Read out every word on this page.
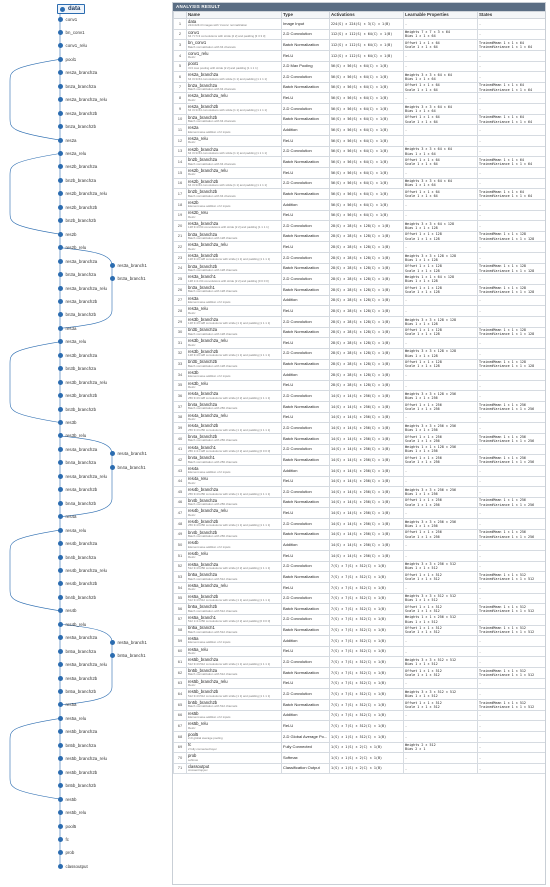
data
conv1
bn_conv1
conv1_relu
pool1
res2a_branch2a
bn2a_branch2a
res2a_branch2a_relu
res2a_branch2b
bn2a_branch2b
res2a
res2a_relu
res2b_branch2a
bn2b_branch2a
res2b_branch2a_relu
res2b_branch2b
bn2b_branch2b
res2b
res2b_relu
res3a_branch2a
bn3a_branch2a
res3a_branch2a_relu
res3a_branch2b
bn3a_branch2b
res3a
res3a_relu
res3b_branch2a
bn3b_branch2a
res3b_branch2a_relu
res3b_branch2b
bn3b_branch2b
res3b
res3b_relu
res4a_branch2a
bn4a_branch2a
res4a_branch2a_relu
res4a_branch2b
bn4a_branch2b
res4a
res4a_relu
res4b_branch2a
bn4b_branch2a
res4b_branch2a_relu
res4b_branch2b
bn4b_branch2b
res4b
res4b_relu
res5a_branch2a
bn5a_branch2a
res5a_branch2a_relu
res5a_branch2b
bn5a_branch2b
res5a
res5a_relu
res5b_branch2a
bn5b_branch2a
res5b_branch2a_relu
res5b_branch2b
bn5b_branch2b
res5b
res5b_relu
pool5
fc
prob
classoutput
res3a_branch1
bn3a_branch1
res4a_branch1
bn4a_branch1
res5a_branch1
bn5a_branch1
ANALYSIS RESULT
	Name	Type	Activations	Learnable Properties	States
1	data
224×224×3 images with 'zscore' normalization	Image Input	224(S) × 224(S) × 3(C) × 1(B)	-	-

2	conv1
64 7×7×3 convolutions with stride [2 2] and padding [3 3 3 3]	2-D Convolution	112(S) × 112(S) × 64(C) × 1(B)	Weights 7 × 7 × 3 × 64
Bias 1 × 1 × 64	-

3	bn_conv1
Batch normalization with 64 channels	Batch Normalization	112(S) × 112(S) × 64(C) × 1(B)	Offset 1 × 1 × 64
Scale 1 × 1 × 64	TrainedMean 1 × 1 × 64
TrainedVariance 1 × 1 × 64

4	conv1_relu
ReLU	ReLU	112(S) × 112(S) × 64(C) × 1(B)	-	-

5	pool1
3×3 max pooling with stride [2 2] and padding [1 1 1 1]	2-D Max Pooling	56(S) × 56(S) × 64(C) × 1(B)	-	-

6	res2a_branch2a
64 3×3×64 convolutions with stride [1 1] and padding [1 1 1 1]	2-D Convolution	56(S) × 56(S) × 64(C) × 1(B)	Weights 3 × 3 × 64 × 64
Bias 1 × 1 × 64	-

7	bn2a_branch2a
Batch normalization with 64 channels	Batch Normalization	56(S) × 56(S) × 64(C) × 1(B)	Offset 1 × 1 × 64
Scale 1 × 1 × 64	TrainedMean 1 × 1 × 64
TrainedVariance 1 × 1 × 64

8	res2a_branch2a_relu
ReLU	ReLU	56(S) × 56(S) × 64(C) × 1(B)	-	-

9	res2a_branch2b
64 3×3×64 convolutions with stride [1 1] and padding [1 1 1 1]	2-D Convolution	56(S) × 56(S) × 64(C) × 1(B)	Weights 3 × 3 × 64 × 64
Bias 1 × 1 × 64	-

10	bn2a_branch2b
Batch normalization with 64 channels	Batch Normalization	56(S) × 56(S) × 64(C) × 1(B)	Offset 1 × 1 × 64
Scale 1 × 1 × 64	TrainedMean 1 × 1 × 64
TrainedVariance 1 × 1 × 64

11	res2a
Element-wise addition of 2 inputs	Addition	56(S) × 56(S) × 64(C) × 1(B)	-	-

12	res2a_relu
ReLU	ReLU	56(S) × 56(S) × 64(C) × 1(B)	-	-

13	res2b_branch2a
64 3×3×64 convolutions with stride [1 1] and padding [1 1 1 1]	2-D Convolution	56(S) × 56(S) × 64(C) × 1(B)	Weights 3 × 3 × 64 × 64
Bias 1 × 1 × 64	-

14	bn2b_branch2a
Batch normalization with 64 channels	Batch Normalization	56(S) × 56(S) × 64(C) × 1(B)	Offset 1 × 1 × 64
Scale 1 × 1 × 64	TrainedMean 1 × 1 × 64
TrainedVariance 1 × 1 × 64

15	res2b_branch2a_relu
ReLU	ReLU	56(S) × 56(S) × 64(C) × 1(B)	-	-

16	res2b_branch2b
64 3×3×64 convolutions with stride [1 1] and padding [1 1 1 1]	2-D Convolution	56(S) × 56(S) × 64(C) × 1(B)	Weights 3 × 3 × 64 × 64
Bias 1 × 1 × 64	-

17	bn2b_branch2b
Batch normalization with 64 channels	Batch Normalization	56(S) × 56(S) × 64(C) × 1(B)	Offset 1 × 1 × 64
Scale 1 × 1 × 64	TrainedMean 1 × 1 × 64
TrainedVariance 1 × 1 × 64

18	res2b
Element-wise addition of 2 inputs	Addition	56(S) × 56(S) × 64(C) × 1(B)	-	-

19	res2b_relu
ReLU	ReLU	56(S) × 56(S) × 64(C) × 1(B)	-	-

20	res3a_branch2a
128 3×3×64 convolutions with stride [2 2] and padding [1 1 1 1]	2-D Convolution	28(S) × 28(S) × 128(C) × 1(B)	Weights 3 × 3 × 64 × 128
Bias 1 × 1 × 128	-

21	bn3a_branch2a
Batch normalization with 128 channels	Batch Normalization	28(S) × 28(S) × 128(C) × 1(B)	Offset 1 × 1 × 128
Scale 1 × 1 × 128	TrainedMean 1 × 1 × 128
TrainedVariance 1 × 1 × 128

22	res3a_branch2a_relu
ReLU	ReLU	28(S) × 28(S) × 128(C) × 1(B)	-	-

23	res3a_branch2b
128 3×3×128 convolutions with stride [1 1] and padding [1 1 1 1]	2-D Convolution	28(S) × 28(S) × 128(C) × 1(B)	Weights 3 × 3 × 128 × 128
Bias 1 × 1 × 128	-

24	bn3a_branch2b
Batch normalization with 128 channels	Batch Normalization	28(S) × 28(S) × 128(C) × 1(B)	Offset 1 × 1 × 128
Scale 1 × 1 × 128	TrainedMean 1 × 1 × 128
TrainedVariance 1 × 1 × 128

25	res3a_branch1
128 1×1×64 convolutions with stride [2 2] and padding [0 0 0 0]	2-D Convolution	28(S) × 28(S) × 128(C) × 1(B)	Weights 1 × 1 × 64 × 128
Bias 1 × 1 × 128	-

26	bn3a_branch1
Batch normalization with 128 channels	Batch Normalization	28(S) × 28(S) × 128(C) × 1(B)	Offset 1 × 1 × 128
Scale 1 × 1 × 128	TrainedMean 1 × 1 × 128
TrainedVariance 1 × 1 × 128

27	res3a
Element-wise addition of 2 inputs	Addition	28(S) × 28(S) × 128(C) × 1(B)	-	-

28	res3a_relu
ReLU	ReLU	28(S) × 28(S) × 128(C) × 1(B)	-	-

29	res3b_branch2a
128 3×3×128 convolutions with stride [1 1] and padding [1 1 1 1]	2-D Convolution	28(S) × 28(S) × 128(C) × 1(B)	Weights 3 × 3 × 128 × 128
Bias 1 × 1 × 128	-

30	bn3b_branch2a
Batch normalization with 128 channels	Batch Normalization	28(S) × 28(S) × 128(C) × 1(B)	Offset 1 × 1 × 128
Scale 1 × 1 × 128	TrainedMean 1 × 1 × 128
TrainedVariance 1 × 1 × 128

31	res3b_branch2a_relu
ReLU	ReLU	28(S) × 28(S) × 128(C) × 1(B)	-	-

32	res3b_branch2b
128 3×3×128 convolutions with stride [1 1] and padding [1 1 1 1]	2-D Convolution	28(S) × 28(S) × 128(C) × 1(B)	Weights 3 × 3 × 128 × 128
Bias 1 × 1 × 128	-

33	bn3b_branch2b
Batch normalization with 128 channels	Batch Normalization	28(S) × 28(S) × 128(C) × 1(B)	Offset 1 × 1 × 128
Scale 1 × 1 × 128	TrainedMean 1 × 1 × 128
TrainedVariance 1 × 1 × 128

34	res3b
Element-wise addition of 2 inputs	Addition	28(S) × 28(S) × 128(C) × 1(B)	-	-

35	res3b_relu
ReLU	ReLU	28(S) × 28(S) × 128(C) × 1(B)	-	-

36	res4a_branch2a
256 3×3×128 convolutions with stride [2 2] and padding [1 1 1 1]	2-D Convolution	14(S) × 14(S) × 256(C) × 1(B)	Weights 3 × 3 × 128 × 256
Bias 1 × 1 × 256	-

37	bn4a_branch2a
Batch normalization with 256 channels	Batch Normalization	14(S) × 14(S) × 256(C) × 1(B)	Offset 1 × 1 × 256
Scale 1 × 1 × 256	TrainedMean 1 × 1 × 256
TrainedVariance 1 × 1 × 256

38	res4a_branch2a_relu
ReLU	ReLU	14(S) × 14(S) × 256(C) × 1(B)	-	-

39	res4a_branch2b
256 3×3×256 convolutions with stride [1 1] and padding [1 1 1 1]	2-D Convolution	14(S) × 14(S) × 256(C) × 1(B)	Weights 3 × 3 × 256 × 256
Bias 1 × 1 × 256	-

40	bn4a_branch2b
Batch normalization with 256 channels	Batch Normalization	14(S) × 14(S) × 256(C) × 1(B)	Offset 1 × 1 × 256
Scale 1 × 1 × 256	TrainedMean 1 × 1 × 256
TrainedVariance 1 × 1 × 256

41	res4a_branch1
256 1×1×128 convolutions with stride [2 2] and padding [0 0 0 0]	2-D Convolution	14(S) × 14(S) × 256(C) × 1(B)	Weights 1 × 1 × 128 × 256
Bias 1 × 1 × 256	-

42	bn4a_branch1
Batch normalization with 256 channels	Batch Normalization	14(S) × 14(S) × 256(C) × 1(B)	Offset 1 × 1 × 256
Scale 1 × 1 × 256	TrainedMean 1 × 1 × 256
TrainedVariance 1 × 1 × 256

43	res4a
Element-wise addition of 2 inputs	Addition	14(S) × 14(S) × 256(C) × 1(B)	-	-

44	res4a_relu
ReLU	ReLU	14(S) × 14(S) × 256(C) × 1(B)	-	-

45	res4b_branch2a
256 3×3×256 convolutions with stride [1 1] and padding [1 1 1 1]	2-D Convolution	14(S) × 14(S) × 256(C) × 1(B)	Weights 3 × 3 × 256 × 256
Bias 1 × 1 × 256	-

46	bn4b_branch2a
Batch normalization with 256 channels	Batch Normalization	14(S) × 14(S) × 256(C) × 1(B)	Offset 1 × 1 × 256
Scale 1 × 1 × 256	TrainedMean 1 × 1 × 256
TrainedVariance 1 × 1 × 256

47	res4b_branch2a_relu
ReLU	ReLU	14(S) × 14(S) × 256(C) × 1(B)	-	-

48	res4b_branch2b
256 3×3×256 convolutions with stride [1 1] and padding [1 1 1 1]	2-D Convolution	14(S) × 14(S) × 256(C) × 1(B)	Weights 3 × 3 × 256 × 256
Bias 1 × 1 × 256	-

49	bn4b_branch2b
Batch normalization with 256 channels	Batch Normalization	14(S) × 14(S) × 256(C) × 1(B)	Offset 1 × 1 × 256
Scale 1 × 1 × 256	TrainedMean 1 × 1 × 256
TrainedVariance 1 × 1 × 256

50	res4b
Element-wise addition of 2 inputs	Addition	14(S) × 14(S) × 256(C) × 1(B)	-	-

51	res4b_relu
ReLU	ReLU	14(S) × 14(S) × 256(C) × 1(B)	-	-

52	res5a_branch2a
512 3×3×256 convolutions with stride [2 2] and padding [1 1 1 1]	2-D Convolution	7(S) × 7(S) × 512(C) × 1(B)	Weights 3 × 3 × 256 × 512
Bias 1 × 1 × 512	-

53	bn5a_branch2a
Batch normalization with 512 channels	Batch Normalization	7(S) × 7(S) × 512(C) × 1(B)	Offset 1 × 1 × 512
Scale 1 × 1 × 512	TrainedMean 1 × 1 × 512
TrainedVariance 1 × 1 × 512

54	res5a_branch2a_relu
ReLU	ReLU	7(S) × 7(S) × 512(C) × 1(B)	-	-

55	res5a_branch2b
512 3×3×512 convolutions with stride [1 1] and padding [1 1 1 1]	2-D Convolution	7(S) × 7(S) × 512(C) × 1(B)	Weights 3 × 3 × 512 × 512
Bias 1 × 1 × 512	-

56	bn5a_branch2b
Batch normalization with 512 channels	Batch Normalization	7(S) × 7(S) × 512(C) × 1(B)	Offset 1 × 1 × 512
Scale 1 × 1 × 512	TrainedMean 1 × 1 × 512
TrainedVariance 1 × 1 × 512

57	res5a_branch1
512 1×1×256 convolutions with stride [2 2] and padding [0 0 0 0]	2-D Convolution	7(S) × 7(S) × 512(C) × 1(B)	Weights 1 × 1 × 256 × 512
Bias 1 × 1 × 512	-

58	bn5a_branch1
Batch normalization with 512 channels	Batch Normalization	7(S) × 7(S) × 512(C) × 1(B)	Offset 1 × 1 × 512
Scale 1 × 1 × 512	TrainedMean 1 × 1 × 512
TrainedVariance 1 × 1 × 512

59	res5a
Element-wise addition of 2 inputs	Addition	7(S) × 7(S) × 512(C) × 1(B)	-	-

60	res5a_relu
ReLU	ReLU	7(S) × 7(S) × 512(C) × 1(B)	-	-

61	res5b_branch2a
512 3×3×512 convolutions with stride [1 1] and padding [1 1 1 1]	2-D Convolution	7(S) × 7(S) × 512(C) × 1(B)	Weights 3 × 3 × 512 × 512
Bias 1 × 1 × 512	-

62	bn5b_branch2a
Batch normalization with 512 channels	Batch Normalization	7(S) × 7(S) × 512(C) × 1(B)	Offset 1 × 1 × 512
Scale 1 × 1 × 512	TrainedMean 1 × 1 × 512
TrainedVariance 1 × 1 × 512

63	res5b_branch2a_relu
ReLU	ReLU	7(S) × 7(S) × 512(C) × 1(B)	-	-

64	res5b_branch2b
512 3×3×512 convolutions with stride [1 1] and padding [1 1 1 1]	2-D Convolution	7(S) × 7(S) × 512(C) × 1(B)	Weights 3 × 3 × 512 × 512
Bias 1 × 1 × 512	-

65	bn5b_branch2b
Batch normalization with 512 channels	Batch Normalization	7(S) × 7(S) × 512(C) × 1(B)	Offset 1 × 1 × 512
Scale 1 × 1 × 512	TrainedMean 1 × 1 × 512
TrainedVariance 1 × 1 × 512

66	res5b
Element-wise addition of 2 inputs	Addition	7(S) × 7(S) × 512(C) × 1(B)	-	-

67	res5b_relu
ReLU	ReLU	7(S) × 7(S) × 512(C) × 1(B)	-	-

68	pool5
2-D global average pooling	2-D Global Average Po...	1(S) × 1(S) × 512(C) × 1(B)	-	-

69	fc
2 fully connected layer	Fully Connected	1(S) × 1(S) × 2(C) × 1(B)	Weights 2 × 512
Bias 2 × 1	-

70	prob
softmax	Softmax	1(S) × 1(S) × 2(C) × 1(B)	-	-

71	classoutput
crossentropyex	Classification Output	1(S) × 1(S) × 2(C) × 1(B)	-	-
